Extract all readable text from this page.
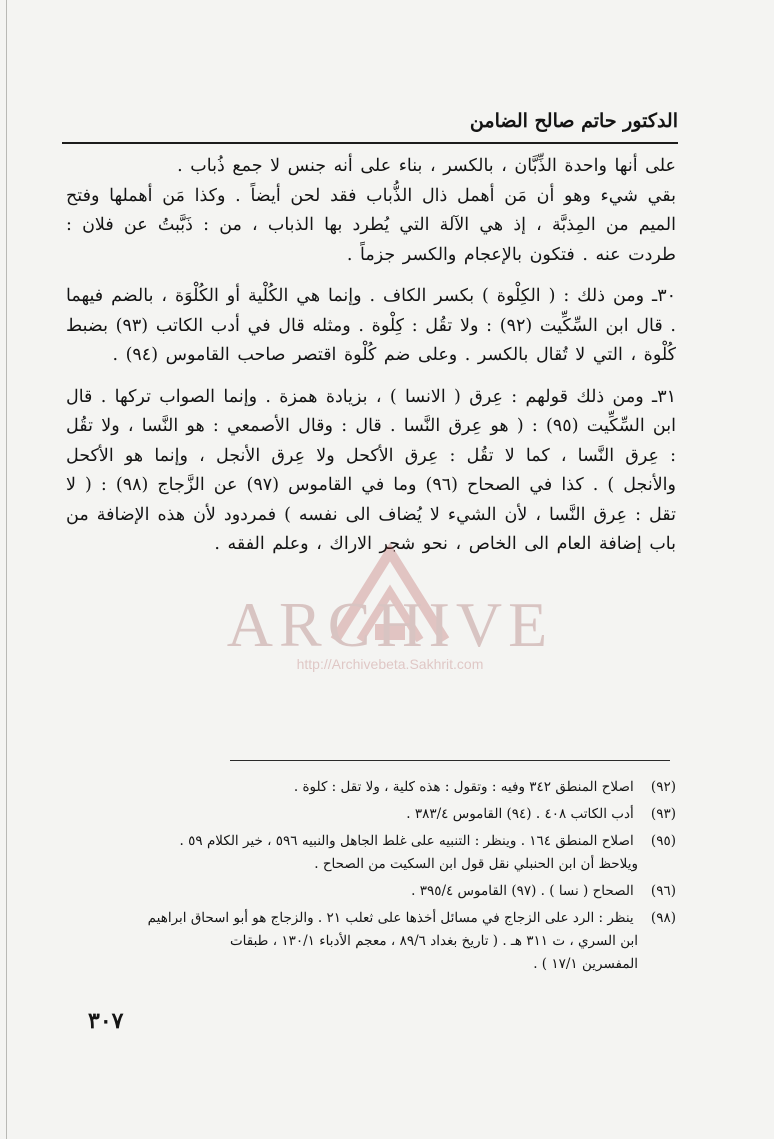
الدكتور حاتم صالح الضامن

على أنها واحدة الذِّبَّان ، بالكسر ، بناء على أنه جنس لا جمع ذُباب .

بقي شيء وهو أن مَن أهمل ذال الذُّباب فقد لحن أيضاً . وكذا مَن أهملها وفتح الميم من المِذبَّة ، إذ هي الآلة التي يُطرد بها الذباب ، من : ذَبَّبتُ عن فلان : طردت عنه . فتكون بالإعجام والكسر جزماً .

٣٠ـ ومن ذلك : ( الكِلْوة ) بكسر الكاف . وإنما هي الكُلْية أو الكُلْوَة ، بالضم فيهما . قال ابن السِّكِّيت (٩٢) : ولا تقُل : كِلْوة . ومثله قال في أدب الكاتب (٩٣) بضبط كُلْوة ، التي لا تُقال بالكسر . وعلى ضم كُلْوة اقتصر صاحب القاموس (٩٤) .

٣١ـ ومن ذلك قولهم : عِرق ( الانسا ) ، بزيادة همزة . وإنما الصواب تركها . قال ابن السِّكِّيت (٩٥) : ( هو عِرق النَّسا . قال : وقال الأصمعي : هو النَّسا ، ولا تقُل : عِرق النَّسا ، كما لا تقُل : عِرق الأكحل ولا عِرق الأنجل ، وإنما هو الأكحل والأنجل ) . كذا في الصحاح (٩٦) وما في القاموس (٩٧) عن الزَّجاج (٩٨) : ( لا تقل : عِرق النَّسا ، لأن الشيء لا يُضاف الى نفسه ) فمردود لأن هذه الإضافة من باب إضافة العام الى الخاص ، نحو شجر الاراك ، وعلم الفقه .

ARCHIVE
http://Archivebeta.Sakhrit.com

(٩٢) اصلاح المنطق ٣٤٢ وفيه : وتقول : هذه كلية ، ولا تقل : كلوة .

(٩٣) أدب الكاتب ٤٠٨ . (٩٤) القاموس ٣٨٣/٤ .

(٩٥) اصلاح المنطق ١٦٤ . وينظر : التنبيه على غلط الجاهل والنبيه ٥٩٦ ، خير الكلام ٥٩ .
ويلاحظ أن ابن الحنبلي نقل قول ابن السكيت من الصحاح .

(٩٦) الصحاح ( نسا ) . (٩٧) القاموس ٣٩٥/٤ .

(٩٨) ينظر : الرد على الزجاج في مسائل أخذها على ثعلب ٢١ . والزجاج هو أبو اسحاق ابراهيم
ابن السري ، ت ٣١١ هـ . ( تاريخ بغداد ٨٩/٦ ، معجم الأدباء ١٣٠/١ ، طبقات
المفسرين ١٧/١ ) .

٣٠٧
